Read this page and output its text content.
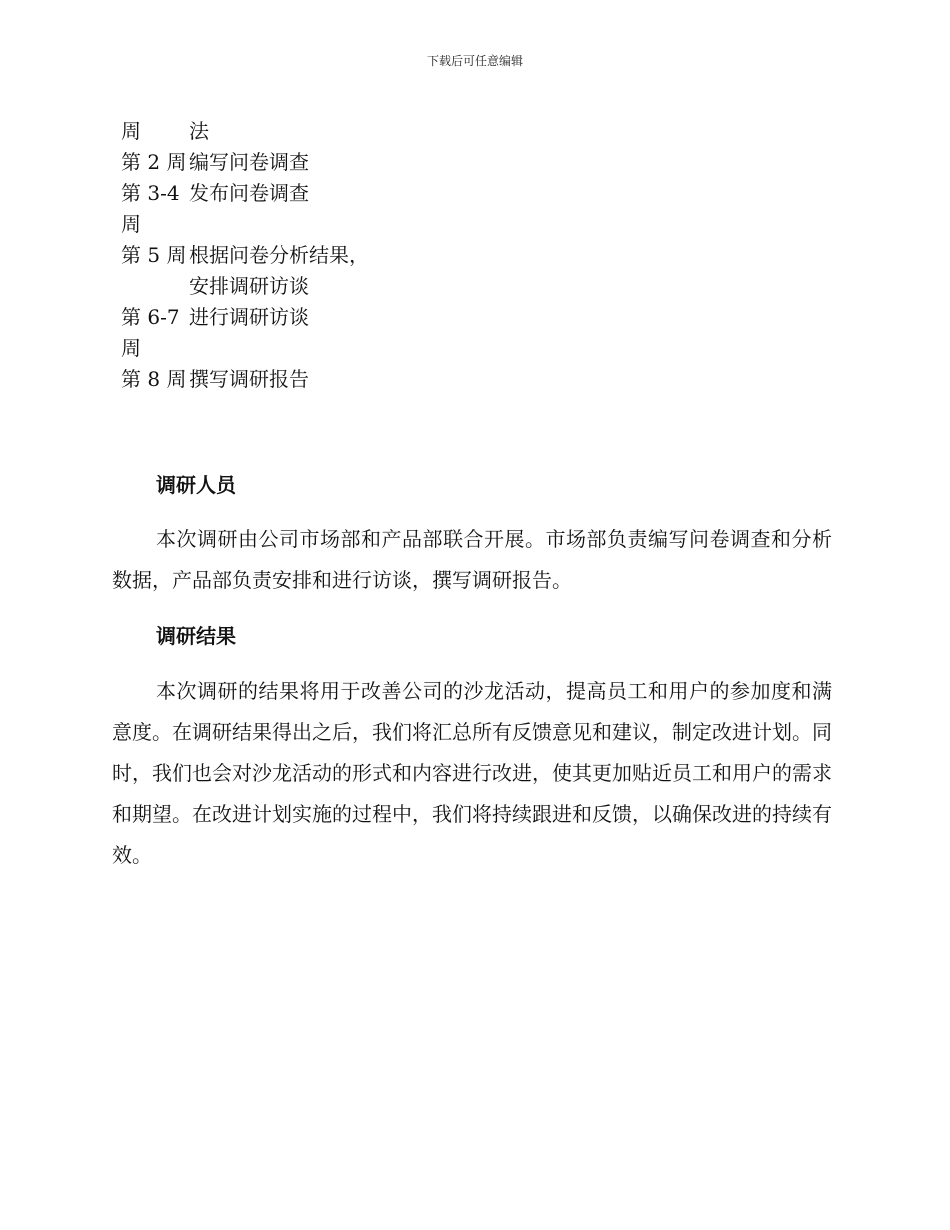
下载后可任意编辑
周	法
第 2 周 编写问卷调查
第 3-4 周
发布问卷调查
第 5 周 根据问卷分析结果，安排调研访谈
第 6-7 周
进行调研访谈
第 8 周 撰写调研报告
调研人员
本次调研由公司市场部和产品部联合开展。市场部负责编写问卷调查和分析数据，产品部负责安排和进行访谈，撰写调研报告。
调研结果
本次调研的结果将用于改善公司的沙龙活动，提高员工和用户的参加度和满意度。在调研结果得出之后，我们将汇总所有反馈意见和建议，制定改进计划。同时，我们也会对沙龙活动的形式和内容进行改进，使其更加贴近员工和用户的需求和期望。在改进计划实施的过程中，我们将持续跟进和反馈，以确保改进的持续有效。
